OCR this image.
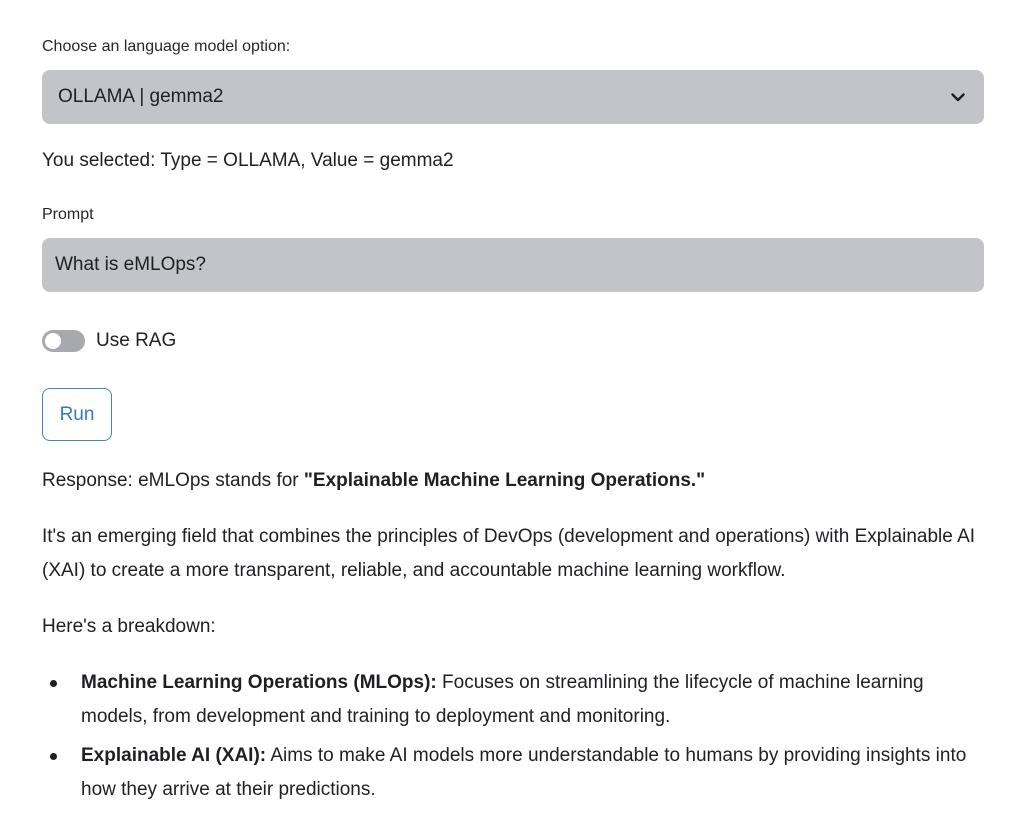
Choose an language model option:
OLLAMA | gemma2
You selected: Type = OLLAMA, Value = gemma2
Prompt
What is eMLOps?
Use RAG
Run

Response: eMLOps stands for "Explainable Machine Learning Operations."

It's an emerging field that combines the principles of DevOps (development and operations) with Explainable AI (XAI) to create a more transparent, reliable, and accountable machine learning workflow.

Here's a breakdown:

Machine Learning Operations (MLOps): Focuses on streamlining the lifecycle of machine learning models, from development and training to deployment and monitoring.
Explainable AI (XAI): Aims to make AI models more understandable to humans by providing insights into how they arrive at their predictions.
